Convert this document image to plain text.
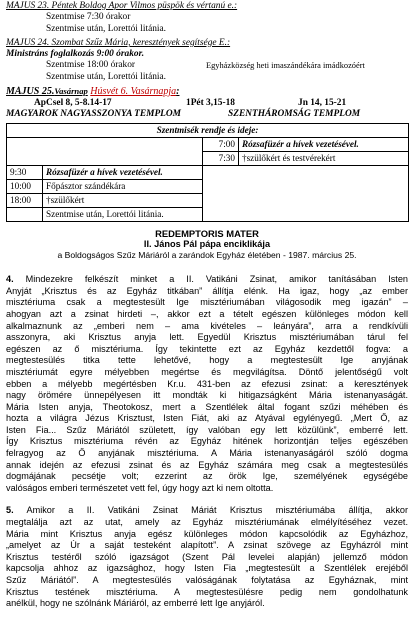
MÁJUS 23. Péntek Boldog Apor Vilmos püspök és vértanú e.:
Szentmise 7:30 órakor
Szentmise után, Lorettói litánia.
MÁJUS 24. Szombat Szűz Mária, keresztények segítsége E.:
Ministráns foglalkozás 9:00 órakor.
Szentmise 18:00 órakor	Egyházközség heti imaszándékára imádkozóért
Szentmise után, Lorettói litánia.
MÁJUS 25.Vasárnap Húsvét 6. Vasárnapja:
ApCsel 8, 5-8.14-17	1Pét 3,15-18	Jn 14, 15-21
MAGYAROK NAGYASSZONYA TEMPLOM	SZENTHÁROMSÁG TEMPLOM
Szentmisék rendje és ideje:			
		7:00	Rózsafüzér a hívek vezetésével.
		7:30	†szülőkért és testvérekért
9:30	Rózsafüzér a hívek vezetésével.		
10:00	Főpásztor szándékára		
18:00	†szülőkért		
	Szentmise után, Lorettói litánia.		
REDEMPTORIS MATER
II. János Pál pápa enciklikája
a Boldogságos Szűz Máriáról a zarándok Egyház életében - 1987. március 25.
4. Mindezekre felkészít minket a II. Vatikáni Zsinat, amikor tanításában Isten
Anyját „Krisztus és az Egyház titkában” állítja elénk. Ha igaz, hogy „az ember
misztériuma csak a megtestesült Ige misztériumában világosodik meg igazán” –
ahogyan azt a zsinat hirdeti –, akkor ezt a tételt egészen különleges módon kell
alkalmaznunk az „emberi nem – ama kivételes – leányára”, arra a rendkívüli
asszonyra, aki Krisztus anyja lett. Egyedül Krisztus misztériumában tárul fel
egészen az ő misztériuma. Így tekintette ezt az Egyház kezdettől fogva: a
megtestesülés titka tette lehetővé, hogy a megtestesült Ige anyjának
misztériumát egyre mélyebben megértse és megvilágítsa. Döntő jelentőségű volt
ebben a mélyebb megértésben Kr.u. 431-ben az efezusi zsinat: a keresztények
nagy örömére ünnepélyesen itt mondták ki hitigazságként Mária istenanyaságát.
Mária Isten anyja, Theotokosz, mert a Szentlélek által fogant szűzi méhében és
hozta a világra Jézus Krisztust, Isten Fiát, aki az Atyával egylényegű. „Mert Ő, az
Isten Fia... Szűz Máriától született, így valóban egy lett közülünk”, emberré lett.
Így Krisztus misztériuma révén az Egyház hitének horizontján teljes egészében
felragyog az Ő anyjának misztériuma. A Mária istenanyaságáról szóló dogma
annak idején az efezusi zsinat és az Egyház számára meg csak a megtestesülés
dogmájának pecsétje volt; ezzerint az örök Ige, személyének egységébe
valóságos emberi természetet vett fel, úgy hogy azt ki nem oltotta.
5. Amikor a II. Vatikáni Zsinat Máriát Krisztus misztériumába állítja, akkor
megtalálja azt az utat, amely az Egyház misztériumának elmélyítéséhez vezet.
Mária mint Krisztus anyja egész különleges módon kapcsolódik az Egyházhoz,
„amelyet az Úr a saját testeként alapított”. A zsinat szövege az Egyházról mint
Krisztus testéről szóló igazságot (Szent Pál levelei alapján) jellemző módon
kapcsolja ahhoz az igazsághoz, hogy Isten Fia „megtestesült a Szentlélek erejéből
Szűz Máriától”. A megtestesülés valóságának folytatása az Egyháznak, mint
Krisztus testének misztériuma. A megtestesülésre pedig nem gondolhatunk
anélkül, hogy ne szólnánk Máriáról, az emberré lett Ige anyjáról.
